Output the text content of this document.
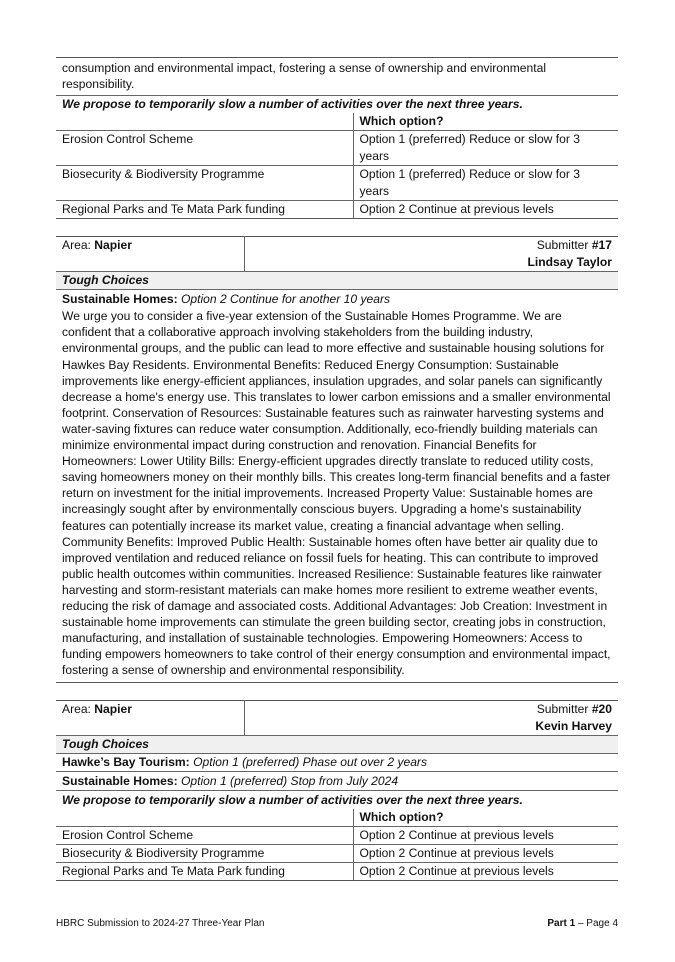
consumption and environmental impact, fostering a sense of ownership and environmental responsibility.
We propose to temporarily slow a number of activities over the next three years.
	Which option?
Erosion Control Scheme	Option 1 (preferred) Reduce or slow for 3 years
Biosecurity & Biodiversity Programme	Option 1 (preferred) Reduce or slow for 3 years
Regional Parks and Te Mata Park funding	Option 2 Continue at previous levels
Area: Napier	Submitter #17
Lindsay Taylor
Tough Choices
Sustainable Homes: Option 2 Continue for another 10 years
We urge you to consider a five-year extension of the Sustainable Homes Programme. We are confident that a collaborative approach involving stakeholders from the building industry, environmental groups, and the public can lead to more effective and sustainable housing solutions for Hawkes Bay Residents. Environmental Benefits: Reduced Energy Consumption: Sustainable improvements like energy-efficient appliances, insulation upgrades, and solar panels can significantly decrease a home's energy use. This translates to lower carbon emissions and a smaller environmental footprint. Conservation of Resources: Sustainable features such as rainwater harvesting systems and water-saving fixtures can reduce water consumption. Additionally, eco-friendly building materials can minimize environmental impact during construction and renovation. Financial Benefits for Homeowners: Lower Utility Bills: Energy-efficient upgrades directly translate to reduced utility costs, saving homeowners money on their monthly bills. This creates long-term financial benefits and a faster return on investment for the initial improvements. Increased Property Value: Sustainable homes are increasingly sought after by environmentally conscious buyers. Upgrading a home's sustainability features can potentially increase its market value, creating a financial advantage when selling. Community Benefits: Improved Public Health: Sustainable homes often have better air quality due to improved ventilation and reduced reliance on fossil fuels for heating. This can contribute to improved public health outcomes within communities. Increased Resilience: Sustainable features like rainwater harvesting and storm-resistant materials can make homes more resilient to extreme weather events, reducing the risk of damage and associated costs. Additional Advantages: Job Creation: Investment in sustainable home improvements can stimulate the green building sector, creating jobs in construction, manufacturing, and installation of sustainable technologies. Empowering Homeowners: Access to funding empowers homeowners to take control of their energy consumption and environmental impact, fostering a sense of ownership and environmental responsibility.
Area: Napier	Submitter #20
Kevin Harvey
Tough Choices
Hawke’s Bay Tourism: Option 1 (preferred) Phase out over 2 years
Sustainable Homes: Option 1 (preferred) Stop from July 2024
We propose to temporarily slow a number of activities over the next three years.
	Which option?
Erosion Control Scheme	Option 2 Continue at previous levels
Biosecurity & Biodiversity Programme	Option 2 Continue at previous levels
Regional Parks and Te Mata Park funding	Option 2 Continue at previous levels
HBRC Submission to 2024-27 Three-Year Plan	Part 1 – Page 4
